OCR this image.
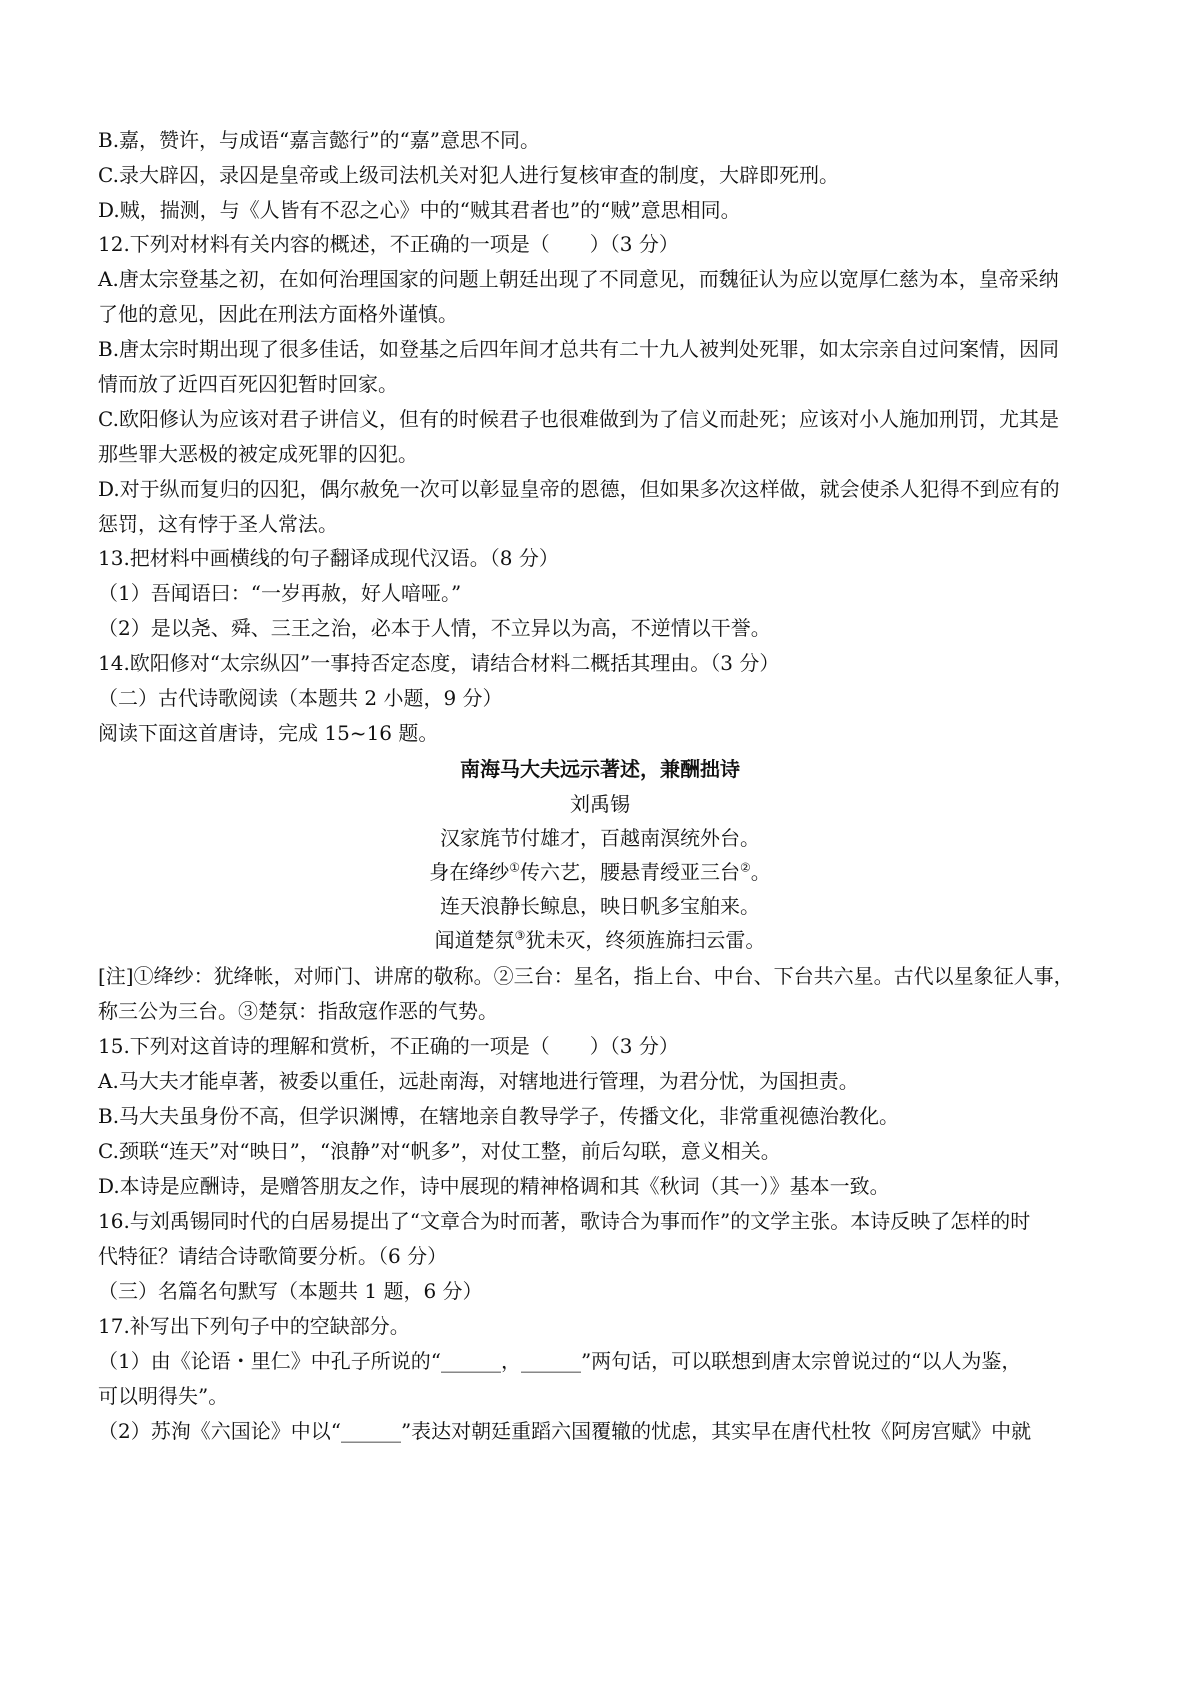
B.嘉，赞许，与成语“嘉言懿行”的“嘉”意思不同。
C.录大辟囚，录囚是皇帝或上级司法机关对犯人进行复核审查的制度，大辟即死刑。
D.贼，揣测，与《人皆有不忍之心》中的“贼其君者也”的“贼”意思相同。
12.下列对材料有关内容的概述，不正确的一项是（　　）（3 分）
A.唐太宗登基之初，在如何治理国家的问题上朝廷出现了不同意见，而魏征认为应以宽厚仁慈为本，皇帝采纳
了他的意见，因此在刑法方面格外谨慎。
B.唐太宗时期出现了很多佳话，如登基之后四年间才总共有二十九人被判处死罪，如太宗亲自过问案情，因同
情而放了近四百死囚犯暂时回家。
C.欧阳修认为应该对君子讲信义，但有的时候君子也很难做到为了信义而赴死；应该对小人施加刑罚，尤其是
那些罪大恶极的被定成死罪的囚犯。
D.对于纵而复归的囚犯，偶尔赦免一次可以彰显皇帝的恩德，但如果多次这样做，就会使杀人犯得不到应有的
惩罚，这有悖于圣人常法。
13.把材料中画横线的句子翻译成现代汉语。（8 分）
（1）吾闻语曰：“一岁再赦，好人喑哑。”
（2）是以尧、舜、三王之治，必本于人情，不立异以为高，不逆情以干誉。
14.欧阳修对“太宗纵囚”一事持否定态度，请结合材料二概括其理由。（3 分）
（二）古代诗歌阅读（本题共 2 小题，9 分）
阅读下面这首唐诗，完成 15~16 题。
南海马大夫远示著述，兼酬拙诗
刘禹锡
汉家旄节付雄才，百越南溟统外台。
身在绛纱①传六艺，腰悬青绶亚三台②。
连天浪静长鲸息，映日帆多宝舶来。
闻道楚氛③犹未灭，终须旌旆扫云雷。
[注]①绛纱：犹绛帐，对师门、讲席的敬称。②三台：星名，指上台、中台、下台共六星。古代以星象征人事，
称三公为三台。③楚氛：指敌寇作恶的气势。
15.下列对这首诗的理解和赏析，不正确的一项是（　　）（3 分）
A.马大夫才能卓著，被委以重任，远赴南海，对辖地进行管理，为君分忧，为国担责。
B.马大夫虽身份不高，但学识渊博，在辖地亲自教导学子，传播文化，非常重视德治教化。
C.颈联“连天”对“映日”，“浪静”对“帆多”，对仗工整，前后勾联，意义相关。
D.本诗是应酬诗，是赠答朋友之作，诗中展现的精神格调和其《秋词（其一）》基本一致。
16.与刘禹锡同时代的白居易提出了“文章合为时而著，歌诗合为事而作”的文学主张。本诗反映了怎样的时
代特征？请结合诗歌简要分析。（6 分）
（三）名篇名句默写（本题共 1 题，6 分）
17.补写出下列句子中的空缺部分。
（1）由《论语・里仁》中孔子所说的“______，______”两句话，可以联想到唐太宗曾说过的“以人为鉴，
可以明得失”。
（2）苏洵《六国论》中以“______”表达对朝廷重蹈六国覆辙的忧虑，其实早在唐代杜牧《阿房宫赋》中就
